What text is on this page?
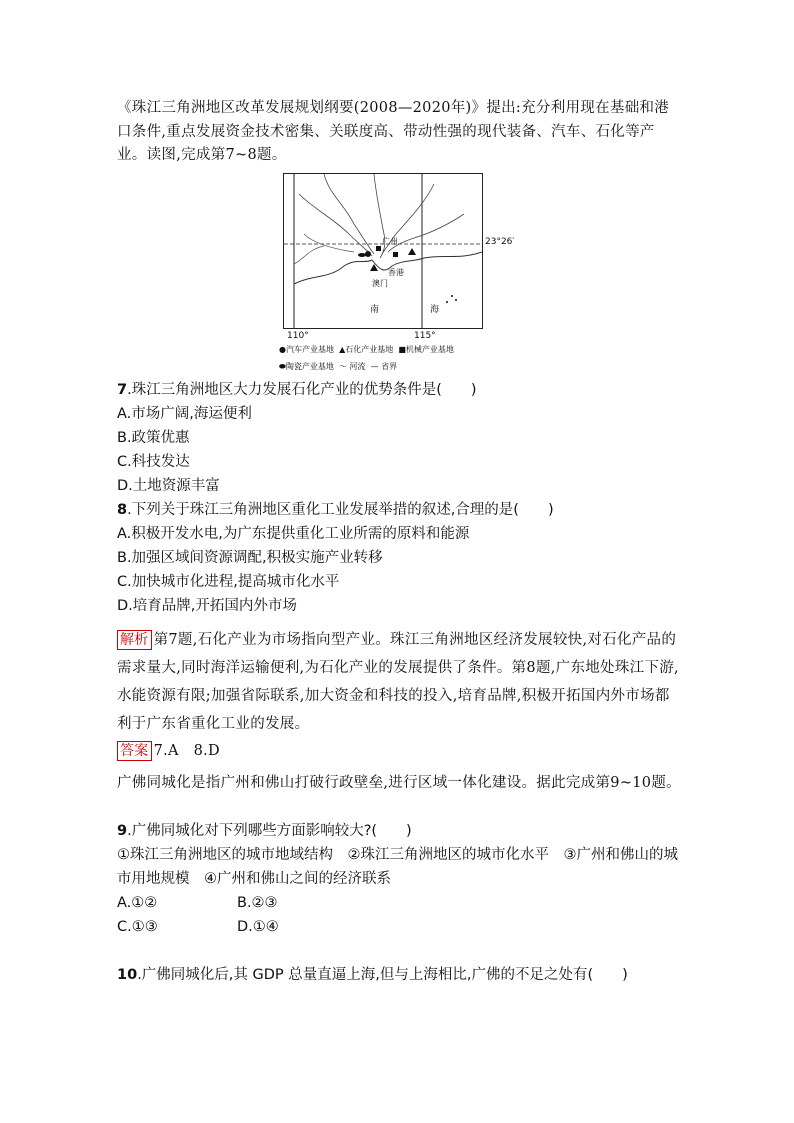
《珠江三角洲地区改革发展规划纲要(2008—2020年)》提出:充分利用现在基础和港口条件,重点发展资金技术密集、关联度高、带动性强的现代装备、汽车、石化等产业。读图,完成第7~8题。
广州
澳门
香港
南	海
23°26′
110°	115°
●汽车产业基地 ▲石化产业基地 ■机械产业基地
⬬陶瓷产业基地 〜 河流 — 省界
7.珠江三角洲地区大力发展石化产业的优势条件是(　　)
A.市场广阔,海运便利
B.政策优惠
C.科技发达
D.土地资源丰富
8.下列关于珠江三角洲地区重化工业发展举措的叙述,合理的是(　　)
A.积极开发水电,为广东提供重化工业所需的原料和能源
B.加强区域间资源调配,积极实施产业转移
C.加快城市化进程,提高城市化水平
D.培育品牌,开拓国内外市场
解析 第7题,石化产业为市场指向型产业。珠江三角洲地区经济发展较快,对石化产品的需求量大,同时海洋运输便利,为石化产业的发展提供了条件。第8题,广东地处珠江下游,水能资源有限;加强省际联系,加大资金和科技的投入,培育品牌,积极开拓国内外市场都利于广东省重化工业的发展。
答案 7.A　8.D
广佛同城化是指广州和佛山打破行政壁垒,进行区域一体化建设。据此完成第9~10题。
9.广佛同城化对下列哪些方面影响较大?(　　)
①珠江三角洲地区的城市地域结构　②珠江三角洲地区的城市化水平　③广州和佛山的城市用地规模　④广州和佛山之间的经济联系
A.①②	B.②③
C.①③	D.①④
10.广佛同城化后,其 GDP 总量直逼上海,但与上海相比,广佛的不足之处有(　　)
